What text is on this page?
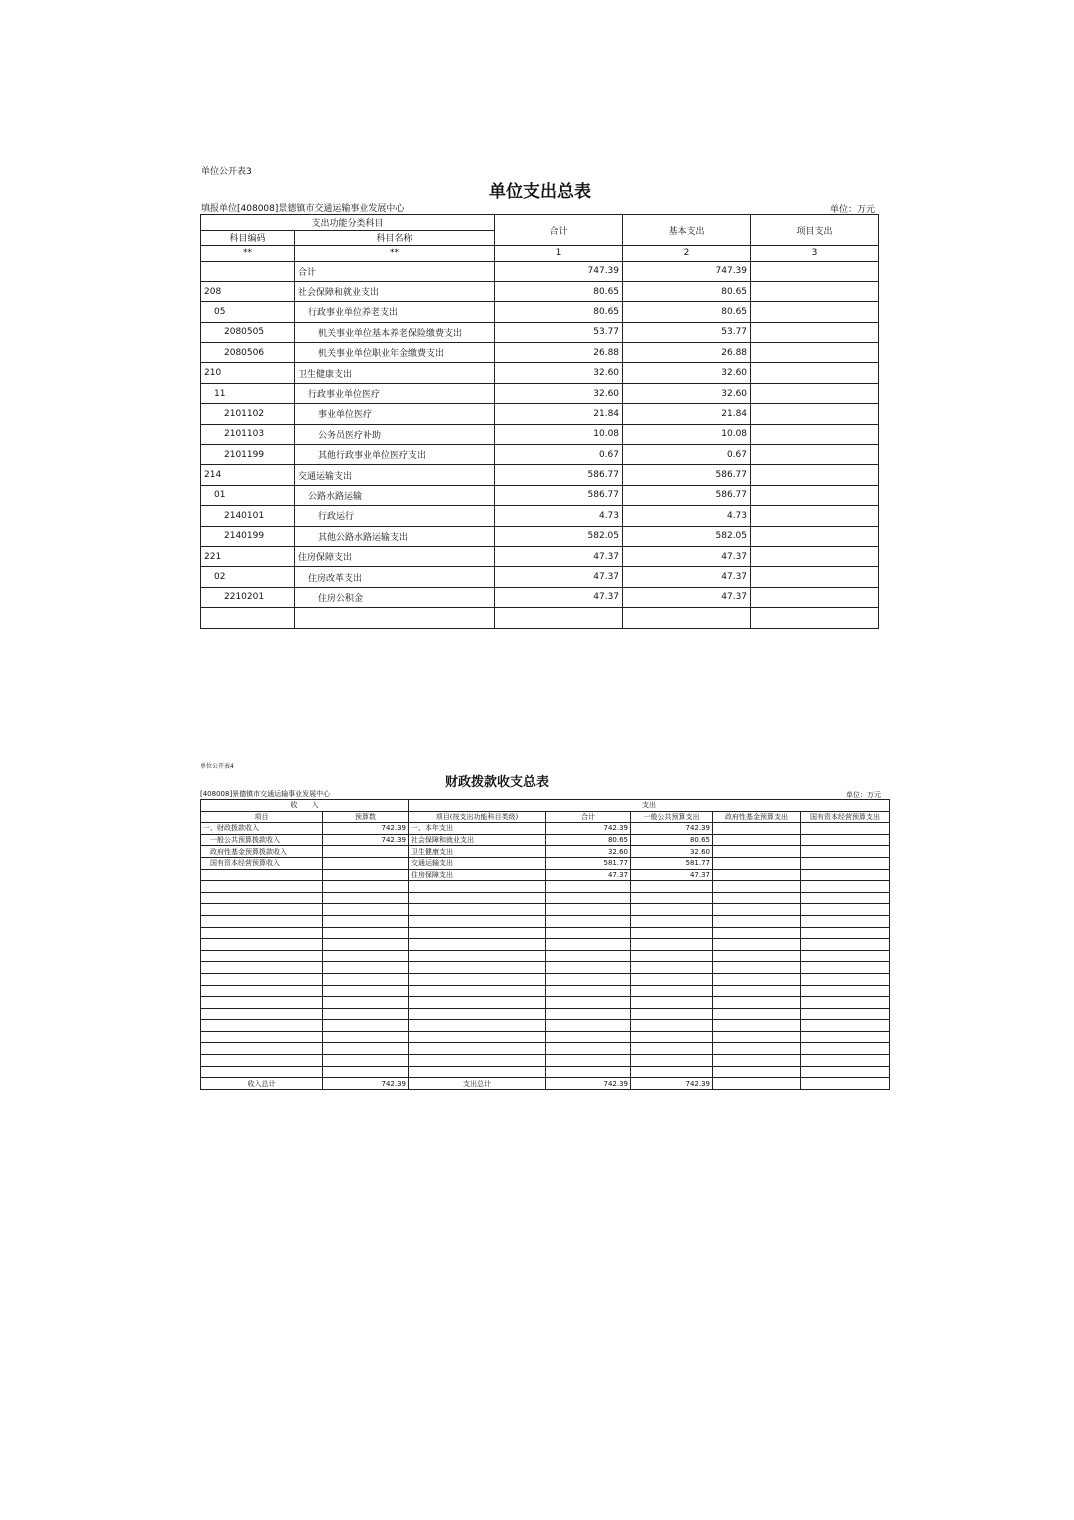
单位公开表3
单位支出总表
填报单位[408008]景德镇市交通运输事业发展中心	单位：万元
支出功能分类科目		合计	基本支出	项目支出
科目编码	科目名称			
**	**	1	2	3
	合计	747.39	747.39	
208	社会保障和就业支出	80.65	80.65	
05	行政事业单位养老支出	80.65	80.65	
2080505	机关事业单位基本养老保险缴费支出	53.77	53.77	
2080506	机关事业单位职业年金缴费支出	26.88	26.88	
210	卫生健康支出	32.60	32.60	
11	行政事业单位医疗	32.60	32.60	
2101102	事业单位医疗	21.84	21.84	
2101103	公务员医疗补助	10.08	10.08	
2101199	其他行政事业单位医疗支出	0.67	0.67	
214	交通运输支出	586.77	586.77	
01	公路水路运输	586.77	586.77	
2140101	行政运行	4.73	4.73	
2140199	其他公路水路运输支出	582.05	582.05	
221	住房保障支出	47.37	47.37	
02	住房改革支出	47.37	47.37	
2210201	住房公积金	47.37	47.37	

单位公开表4
财政拨款收支总表
[408008]景德镇市交通运输事业发展中心	单位：万元
收　　入		支出				
项目	预算数	项目(按支出功能科目类级)	合计	一般公共预算支出	政府性基金预算支出	国有资本经营预算支出
一、财政拨款收入	742.39	一、本年支出	742.39	742.39		
　一般公共预算拨款收入	742.39	社会保障和就业支出	80.65	80.65		
　政府性基金预算拨款收入		卫生健康支出	32.60	32.60		
　国有资本经营预算收入		交通运输支出	581.77	581.77		
		住房保障支出	47.37	47.37		

收入总计	742.39	支出总计	742.39	742.39		
